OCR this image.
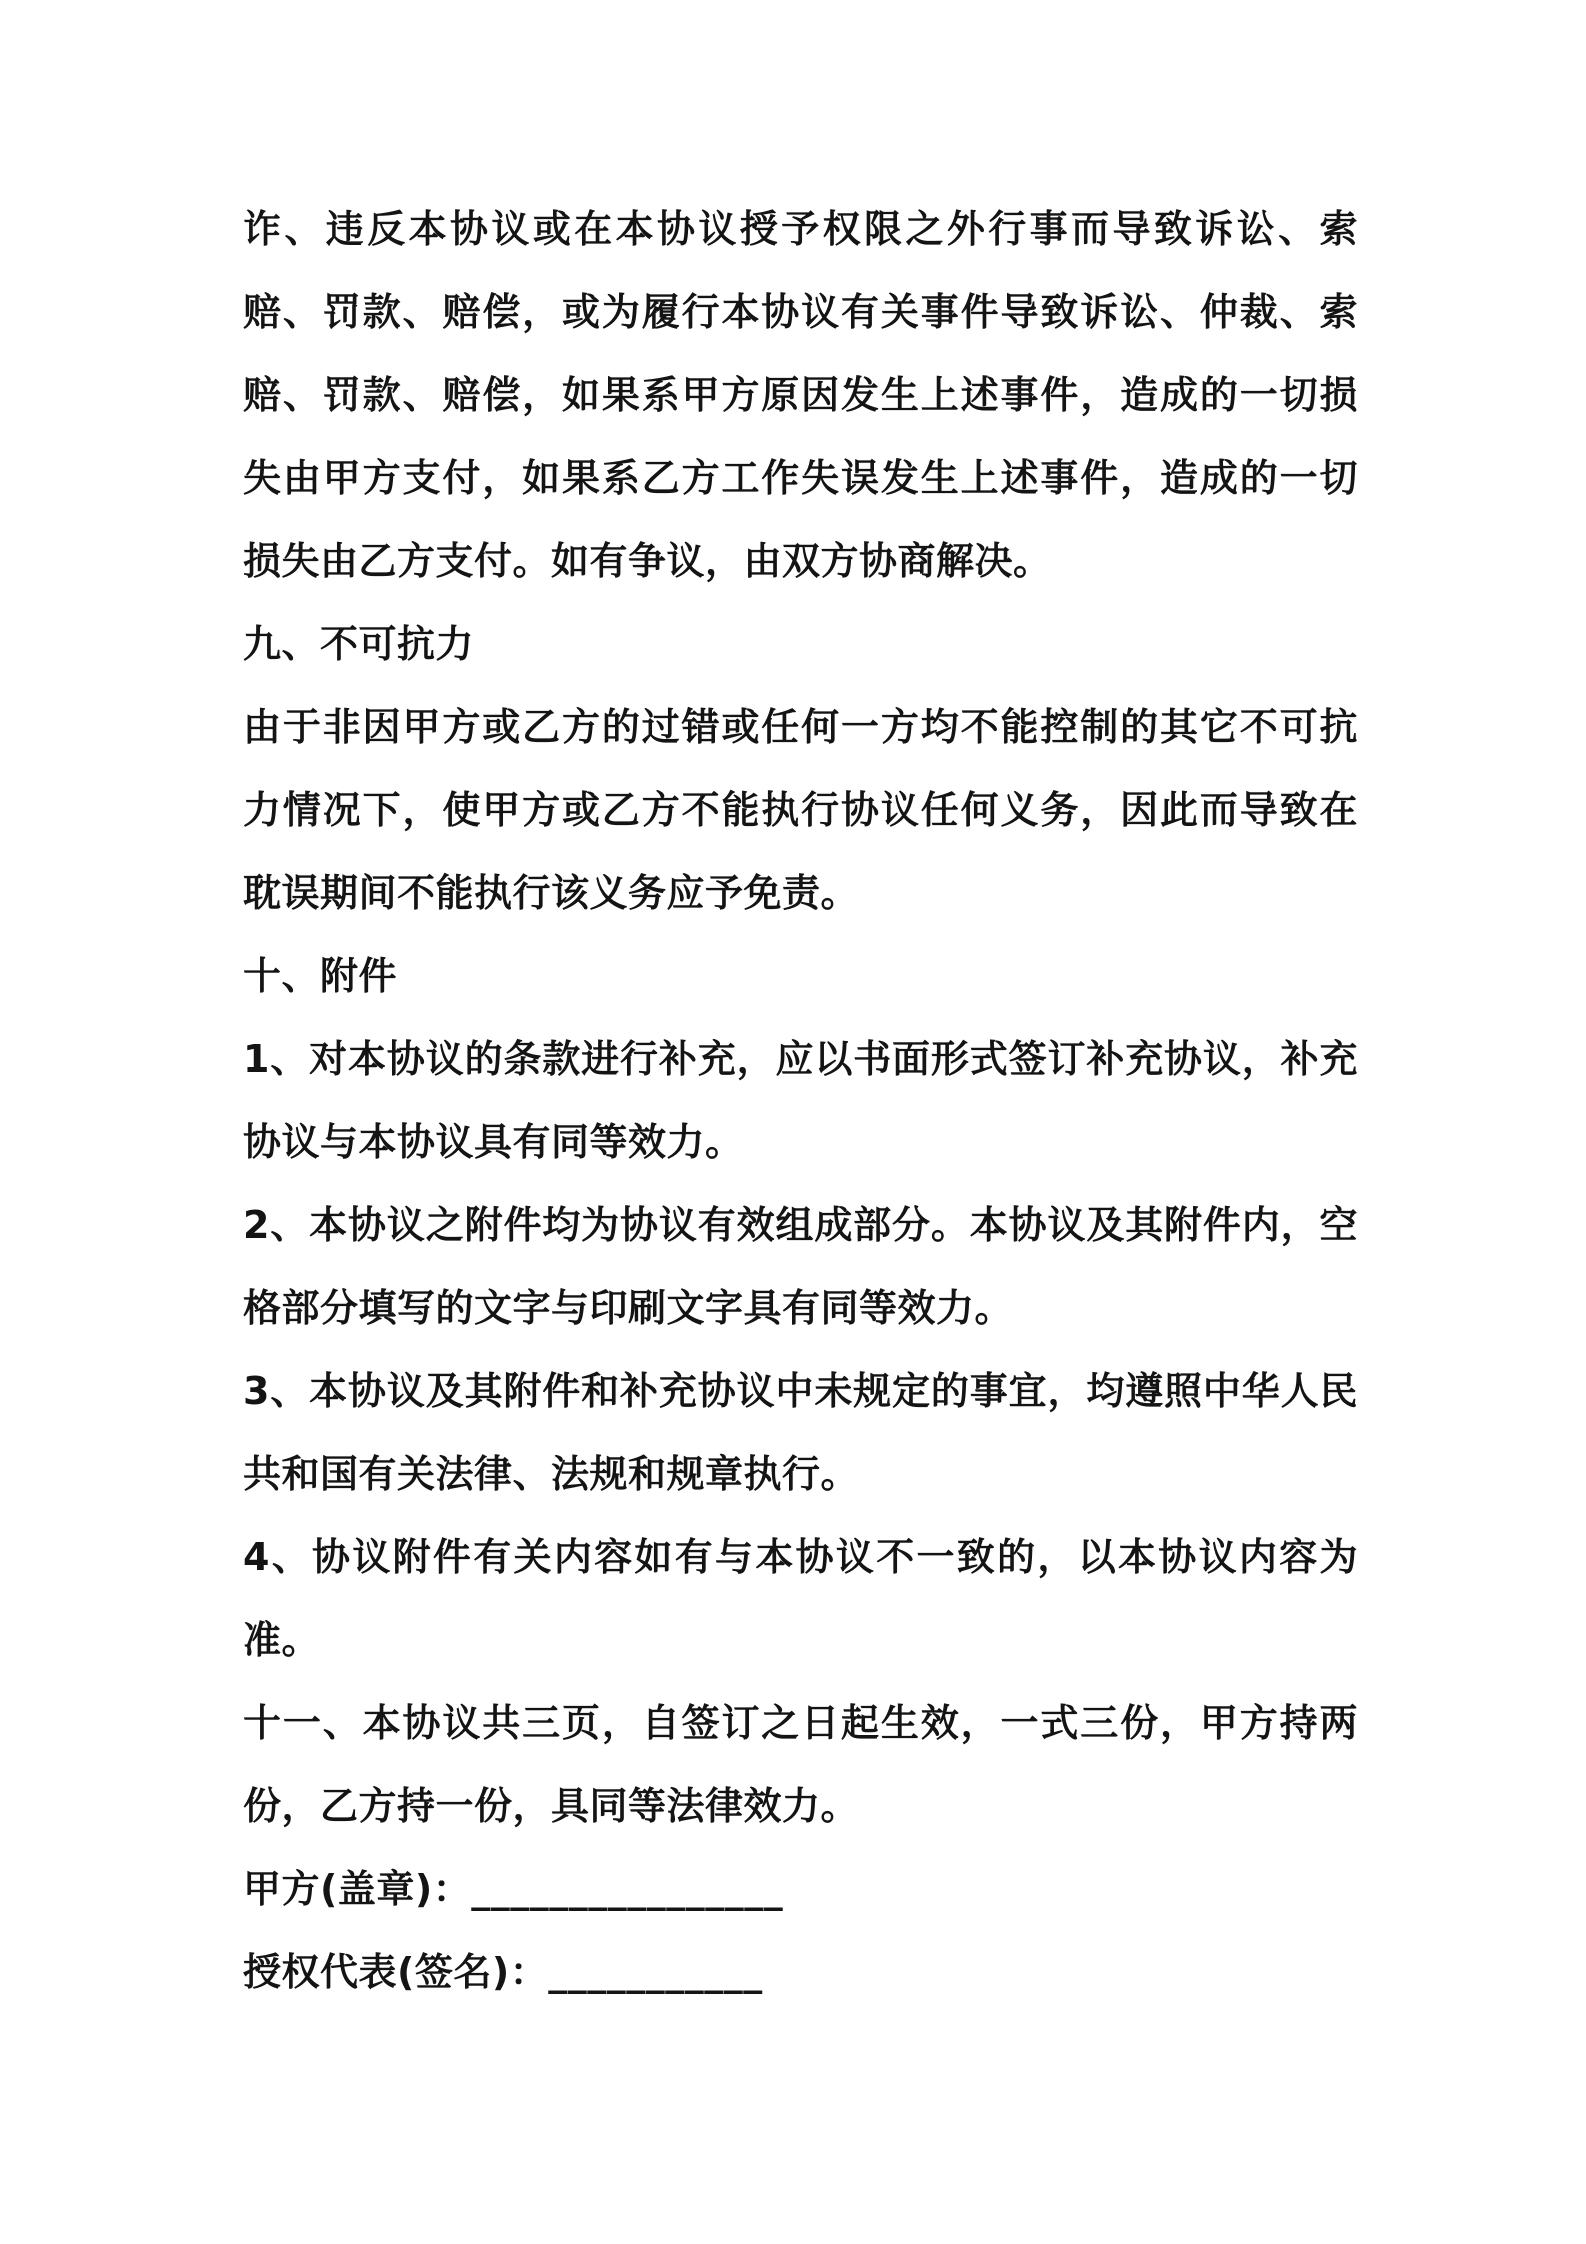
诈、违反本协议或在本协议授予权限之外行事而导致诉讼、索赔、罚款、赔偿，或为履行本协议有关事件导致诉讼、仲裁、索赔、罚款、赔偿，如果系甲方原因发生上述事件，造成的一切损失由甲方支付，如果系乙方工作失误发生上述事件，造成的一切损失由乙方支付。如有争议，由双方协商解决。

九、不可抗力

由于非因甲方或乙方的过错或任何一方均不能控制的其它不可抗力情况下，使甲方或乙方不能执行协议任何义务，因此而导致在耽误期间不能执行该义务应予免责。

十、附件

1、对本协议的条款进行补充，应以书面形式签订补充协议，补充协议与本协议具有同等效力。

2、本协议之附件均为协议有效组成部分。本协议及其附件内，空格部分填写的文字与印刷文字具有同等效力。

3、本协议及其附件和补充协议中未规定的事宜，均遵照中华人民共和国有关法律、法规和规章执行。

4、协议附件有关内容如有与本协议不一致的，以本协议内容为准。

十一、本协议共三页，自签订之日起生效，一式三份，甲方持两份，乙方持一份，具同等法律效力。

甲方(盖章)：________________

授权代表(签名)：___________
